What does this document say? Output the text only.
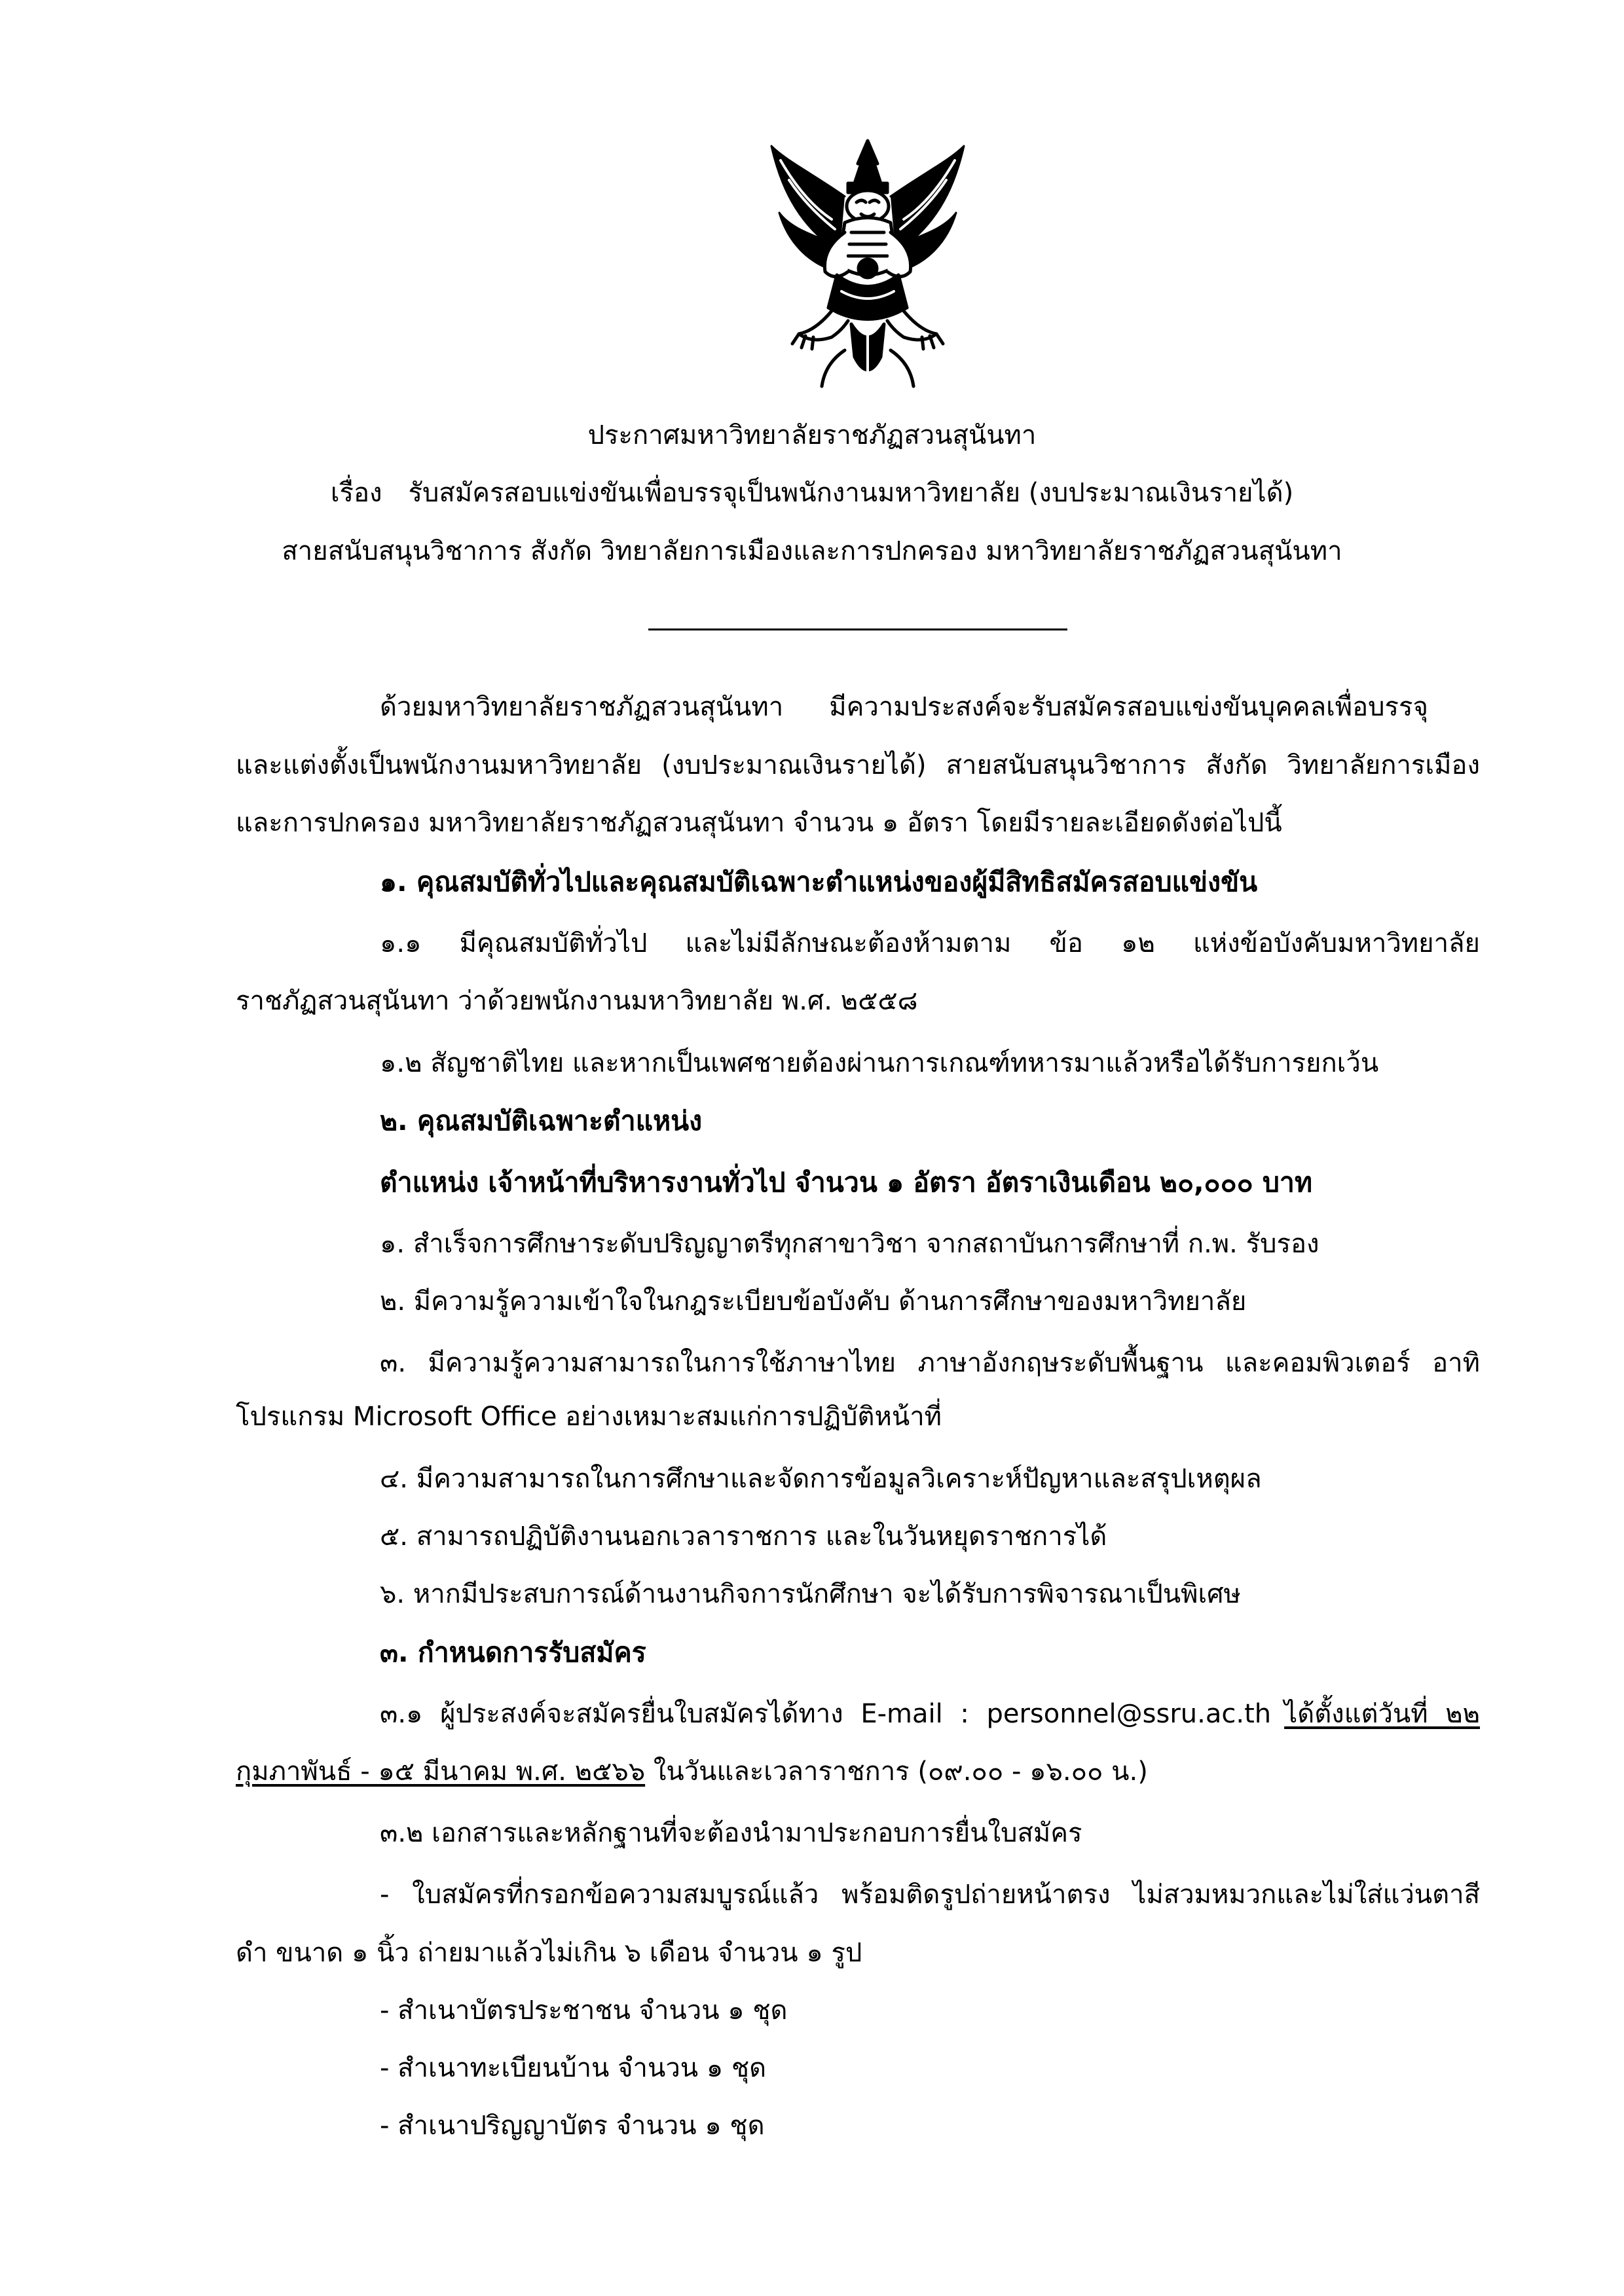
ประกาศมหาวิทยาลัยราชภัฏสวนสุนันทา
เรื่อง รับสมัครสอบแข่งขันเพื่อบรรจุเป็นพนักงานมหาวิทยาลัย (งบประมาณเงินรายได้)
สายสนับสนุนวิชาการ สังกัด วิทยาลัยการเมืองและการปกครอง มหาวิทยาลัยราชภัฏสวนสุนันทา
ด้วยมหาวิทยาลัยราชภัฏสวนสุนันทา มีความประสงค์จะรับสมัครสอบแข่งขันบุคคลเพื่อบรรจุ
และแต่งตั้งเป็นพนักงานมหาวิทยาลัย (งบประมาณเงินรายได้) สายสนับสนุนวิชาการ สังกัด วิทยาลัยการเมือง
และการปกครอง มหาวิทยาลัยราชภัฏสวนสุนันทา จำนวน ๑ อัตรา โดยมีรายละเอียดดังต่อไปนี้
๑. คุณสมบัติทั่วไปและคุณสมบัติเฉพาะตำแหน่งของผู้มีสิทธิสมัครสอบแข่งขัน
๑.๑ มีคุณสมบัติทั่วไป และไม่มีลักษณะต้องห้ามตาม ข้อ ๑๒ แห่งข้อบังคับมหาวิทยาลัย
ราชภัฏสวนสุนันทา ว่าด้วยพนักงานมหาวิทยาลัย พ.ศ. ๒๕๕๘
๑.๒ สัญชาติไทย และหากเป็นเพศชายต้องผ่านการเกณฑ์ทหารมาแล้วหรือได้รับการยกเว้น
๒. คุณสมบัติเฉพาะตำแหน่ง
ตำแหน่ง เจ้าหน้าที่บริหารงานทั่วไป จำนวน ๑ อัตรา อัตราเงินเดือน ๒๐,๐๐๐ บาท
๑. สำเร็จการศึกษาระดับปริญญาตรีทุกสาขาวิชา จากสถาบันการศึกษาที่ ก.พ. รับรอง
๒. มีความรู้ความเข้าใจในกฎระเบียบข้อบังคับ ด้านการศึกษาของมหาวิทยาลัย
๓. มีความรู้ความสามารถในการใช้ภาษาไทย ภาษาอังกฤษระดับพื้นฐาน และคอมพิวเตอร์ อาทิ
โปรแกรม Microsoft Office อย่างเหมาะสมแก่การปฏิบัติหน้าที่
๔. มีความสามารถในการศึกษาและจัดการข้อมูลวิเคราะห์ปัญหาและสรุปเหตุผล
๕. สามารถปฏิบัติงานนอกเวลาราชการ และในวันหยุดราชการได้
๖. หากมีประสบการณ์ด้านงานกิจการนักศึกษา จะได้รับการพิจารณาเป็นพิเศษ
๓. กำหนดการรับสมัคร
๓.๑ ผู้ประสงค์จะสมัครยื่นใบสมัครได้ทาง E-mail : personnel@ssru.ac.th ได้ตั้งแต่วันที่ ๒๒
กุมภาพันธ์ - ๑๕ มีนาคม พ.ศ. ๒๕๖๖ ในวันและเวลาราชการ (๐๙.๐๐ - ๑๖.๐๐ น.)
๓.๒ เอกสารและหลักฐานที่จะต้องนำมาประกอบการยื่นใบสมัคร
- ใบสมัครที่กรอกข้อความสมบูรณ์แล้ว พร้อมติดรูปถ่ายหน้าตรง ไม่สวมหมวกและไม่ใส่แว่นตาสี
ดำ ขนาด ๑ นิ้ว ถ่ายมาแล้วไม่เกิน ๖ เดือน จำนวน ๑ รูป
- สำเนาบัตรประชาชน จำนวน ๑ ชุด
- สำเนาทะเบียนบ้าน จำนวน ๑ ชุด
- สำเนาปริญญาบัตร จำนวน ๑ ชุด
